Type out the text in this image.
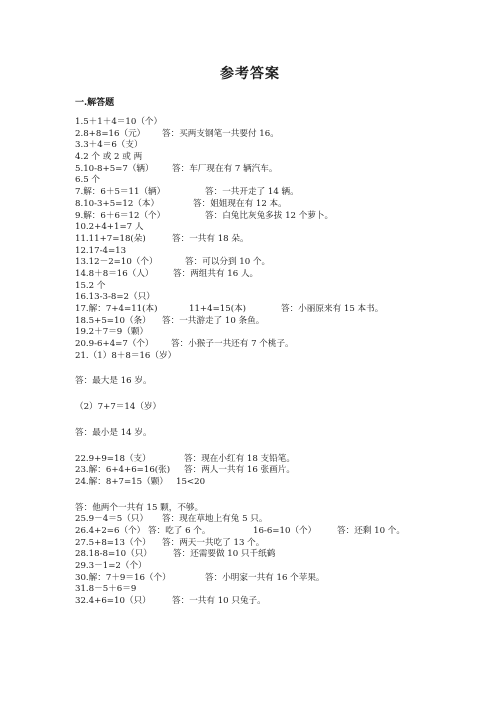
参考答案
一.解答题
1.5＋1＋4＝10（个）
2.8+8=16（元） 答：买两支钢笔一共要付 16。
3.3＋4＝6（支）
4.2 个 或 2 或 两
5.10-8+5=7（辆） 答：车厂现在有 7 辆汽车。
6.5 个
7.解：6＋5＝11（辆）	答：一共开走了 14 辆。
8.10-3+5=12（本）	答：姐姐现在有 12 本。
9.解：6＋6＝12（个）	答：白兔比灰兔多拔 12 个萝卜。
10.2+4+1=7 人
11.11+7=18(朵)	答：一共有 18 朵。
12.17-4=13
13.12－2=10（个）	答：可以分到 10 个。
14.8＋8＝16（人） 答：两组共有 16 人。
15.2 个
16.13-3-8=2（只）
17.解：7+4=11(本)	11+4=15(本)	答：小丽原来有 15 本书。
18.5+5=10（条） 答：一共游走了 10 条鱼。
19.2＋7＝9（颗）
20.9-6+4=7（个） 答：小猴子一共还有 7 个桃子。
21.（1）8＋8＝16（岁）
答：最大是 16 岁。
（2）7+7＝14（岁）
答：最小是 14 岁。
22.9+9=18（支）	答：现在小红有 18 支铅笔。
23.解：6+4+6=16(张) 答：两人一共有 16 张画片。
24.解：8+7=15（颗） 15<20
答：他两个一共有 15 颗，不够。
25.9－4＝5（只） 答：现在草地上有兔 5 只。
26.4+2=6（个） 答：吃了 6 个。	16-6=10（个） 答：还剩 10 个。
27.5+8=13（个） 答：两天一共吃了 13 个。
28.18-8=10（只） 答：还需要做 10 只千纸鹤
29.3－1=2（个）
30.解：7＋9＝16（个）	答：小明家一共有 16 个苹果。
31.8－5＋6＝9
32.4+6=10（只） 答：一共有 10 只兔子。
